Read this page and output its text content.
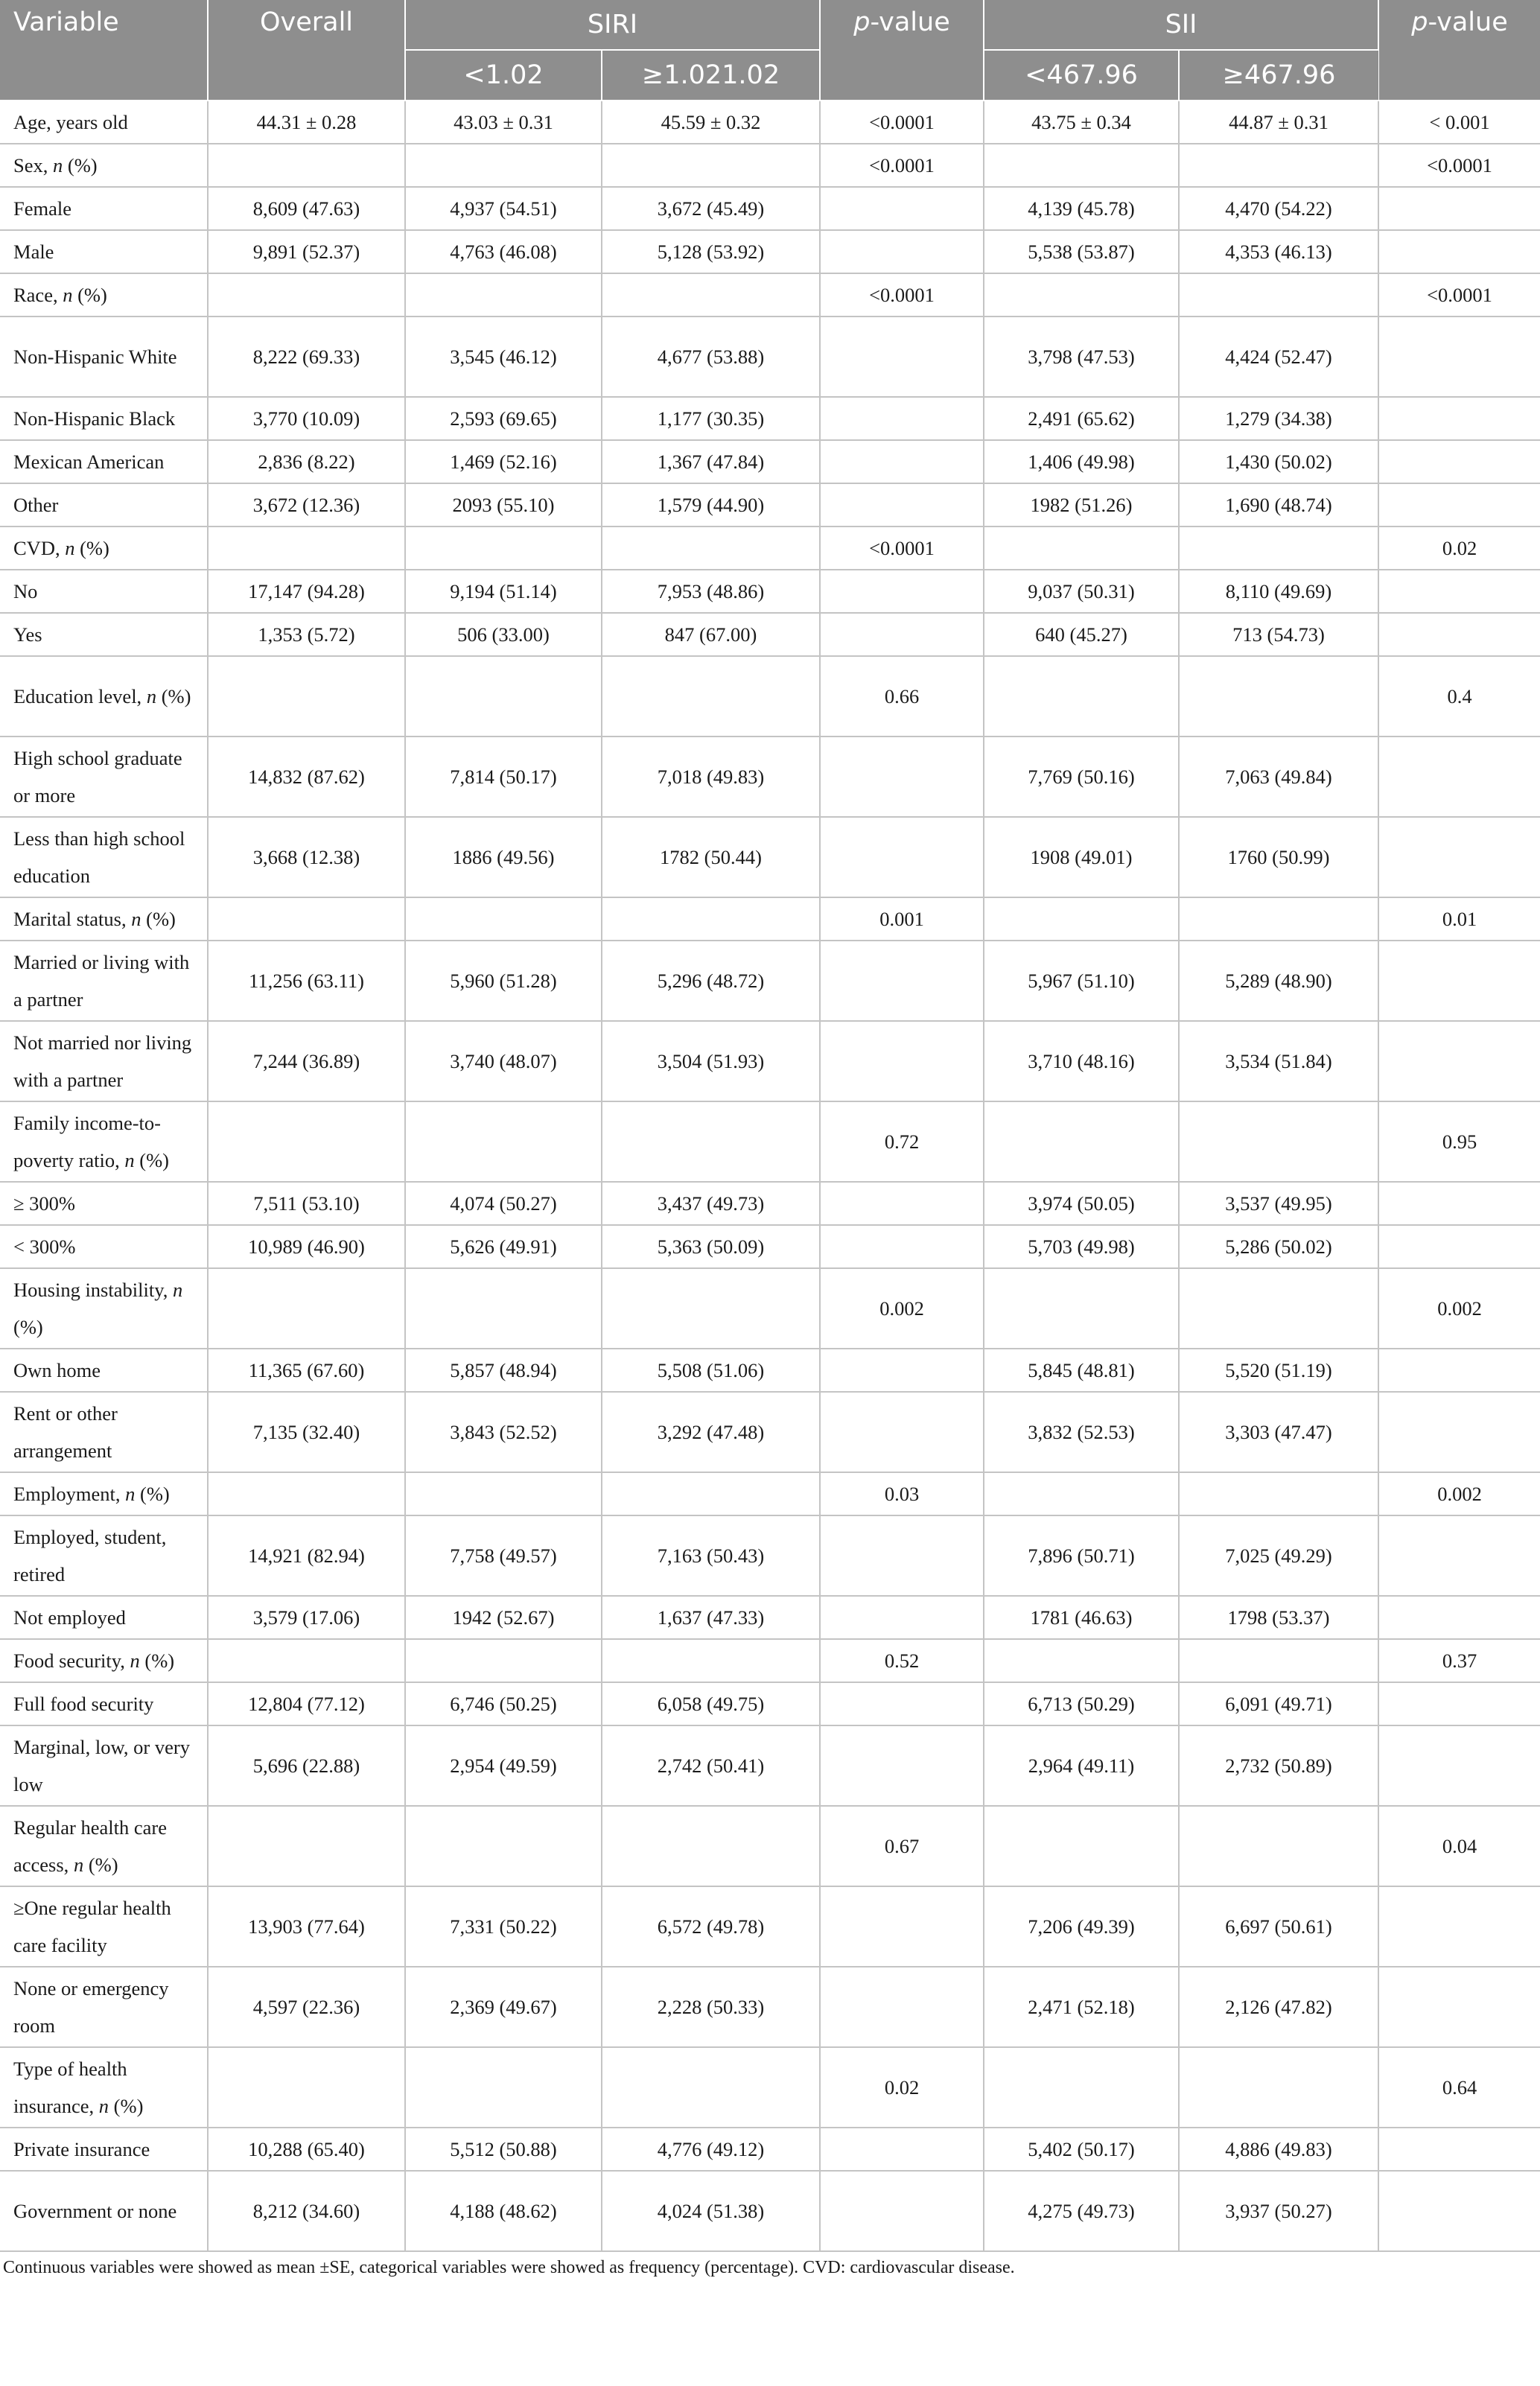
Variable	Overall	SIRI		p-value	SII		p-value
		<1.02	≥1.021.02		<467.96	≥467.96	
Age, years old	44.31 ± 0.28	43.03 ± 0.31	45.59 ± 0.32	<0.0001	43.75 ± 0.34	44.87 ± 0.31	< 0.001
Sex, n (%)				<0.0001			<0.0001
Female	8,609 (47.63)	4,937 (54.51)	3,672 (45.49)		4,139 (45.78)	4,470 (54.22)	
Male	9,891 (52.37)	4,763 (46.08)	5,128 (53.92)		5,538 (53.87)	4,353 (46.13)	
Race, n (%)				<0.0001			<0.0001
Non-Hispanic White	8,222 (69.33)	3,545 (46.12)	4,677 (53.88)		3,798 (47.53)	4,424 (52.47)	
Non-Hispanic Black	3,770 (10.09)	2,593 (69.65)	1,177 (30.35)		2,491 (65.62)	1,279 (34.38)	
Mexican American	2,836 (8.22)	1,469 (52.16)	1,367 (47.84)		1,406 (49.98)	1,430 (50.02)	
Other	3,672 (12.36)	2093 (55.10)	1,579 (44.90)		1982 (51.26)	1,690 (48.74)	
CVD, n (%)				<0.0001			0.02
No	17,147 (94.28)	9,194 (51.14)	7,953 (48.86)		9,037 (50.31)	8,110 (49.69)	
Yes	1,353 (5.72)	506 (33.00)	847 (67.00)		640 (45.27)	713 (54.73)	
Education level, n (%)				0.66			0.4
High school graduate or more	14,832 (87.62)	7,814 (50.17)	7,018 (49.83)		7,769 (50.16)	7,063 (49.84)	
Less than high school education	3,668 (12.38)	1886 (49.56)	1782 (50.44)		1908 (49.01)	1760 (50.99)	
Marital status, n (%)				0.001			0.01
Married or living with a partner	11,256 (63.11)	5,960 (51.28)	5,296 (48.72)		5,967 (51.10)	5,289 (48.90)	
Not married nor living with a partner	7,244 (36.89)	3,740 (48.07)	3,504 (51.93)		3,710 (48.16)	3,534 (51.84)	
Family income-to-poverty ratio, n (%)				0.72			0.95
≥ 300%	7,511 (53.10)	4,074 (50.27)	3,437 (49.73)		3,974 (50.05)	3,537 (49.95)	
< 300%	10,989 (46.90)	5,626 (49.91)	5,363 (50.09)		5,703 (49.98)	5,286 (50.02)	
Housing instability, n (%)				0.002			0.002
Own home	11,365 (67.60)	5,857 (48.94)	5,508 (51.06)		5,845 (48.81)	5,520 (51.19)	
Rent or other arrangement	7,135 (32.40)	3,843 (52.52)	3,292 (47.48)		3,832 (52.53)	3,303 (47.47)	
Employment, n (%)				0.03			0.002
Employed, student, retired	14,921 (82.94)	7,758 (49.57)	7,163 (50.43)		7,896 (50.71)	7,025 (49.29)	
Not employed	3,579 (17.06)	1942 (52.67)	1,637 (47.33)		1781 (46.63)	1798 (53.37)	
Food security, n (%)				0.52			0.37
Full food security	12,804 (77.12)	6,746 (50.25)	6,058 (49.75)		6,713 (50.29)	6,091 (49.71)	
Marginal, low, or very low	5,696 (22.88)	2,954 (49.59)	2,742 (50.41)		2,964 (49.11)	2,732 (50.89)	
Regular health care access, n (%)				0.67			0.04
≥One regular health care facility	13,903 (77.64)	7,331 (50.22)	6,572 (49.78)		7,206 (49.39)	6,697 (50.61)	
None or emergency room	4,597 (22.36)	2,369 (49.67)	2,228 (50.33)		2,471 (52.18)	2,126 (47.82)	
Type of health insurance, n (%)				0.02			0.64
Private insurance	10,288 (65.40)	5,512 (50.88)	4,776 (49.12)		5,402 (50.17)	4,886 (49.83)	
Government or none	8,212 (34.60)	4,188 (48.62)	4,024 (51.38)		4,275 (49.73)	3,937 (50.27)	
Continuous variables were showed as mean ±SE, categorical variables were showed as frequency (percentage). CVD: cardiovascular disease.
